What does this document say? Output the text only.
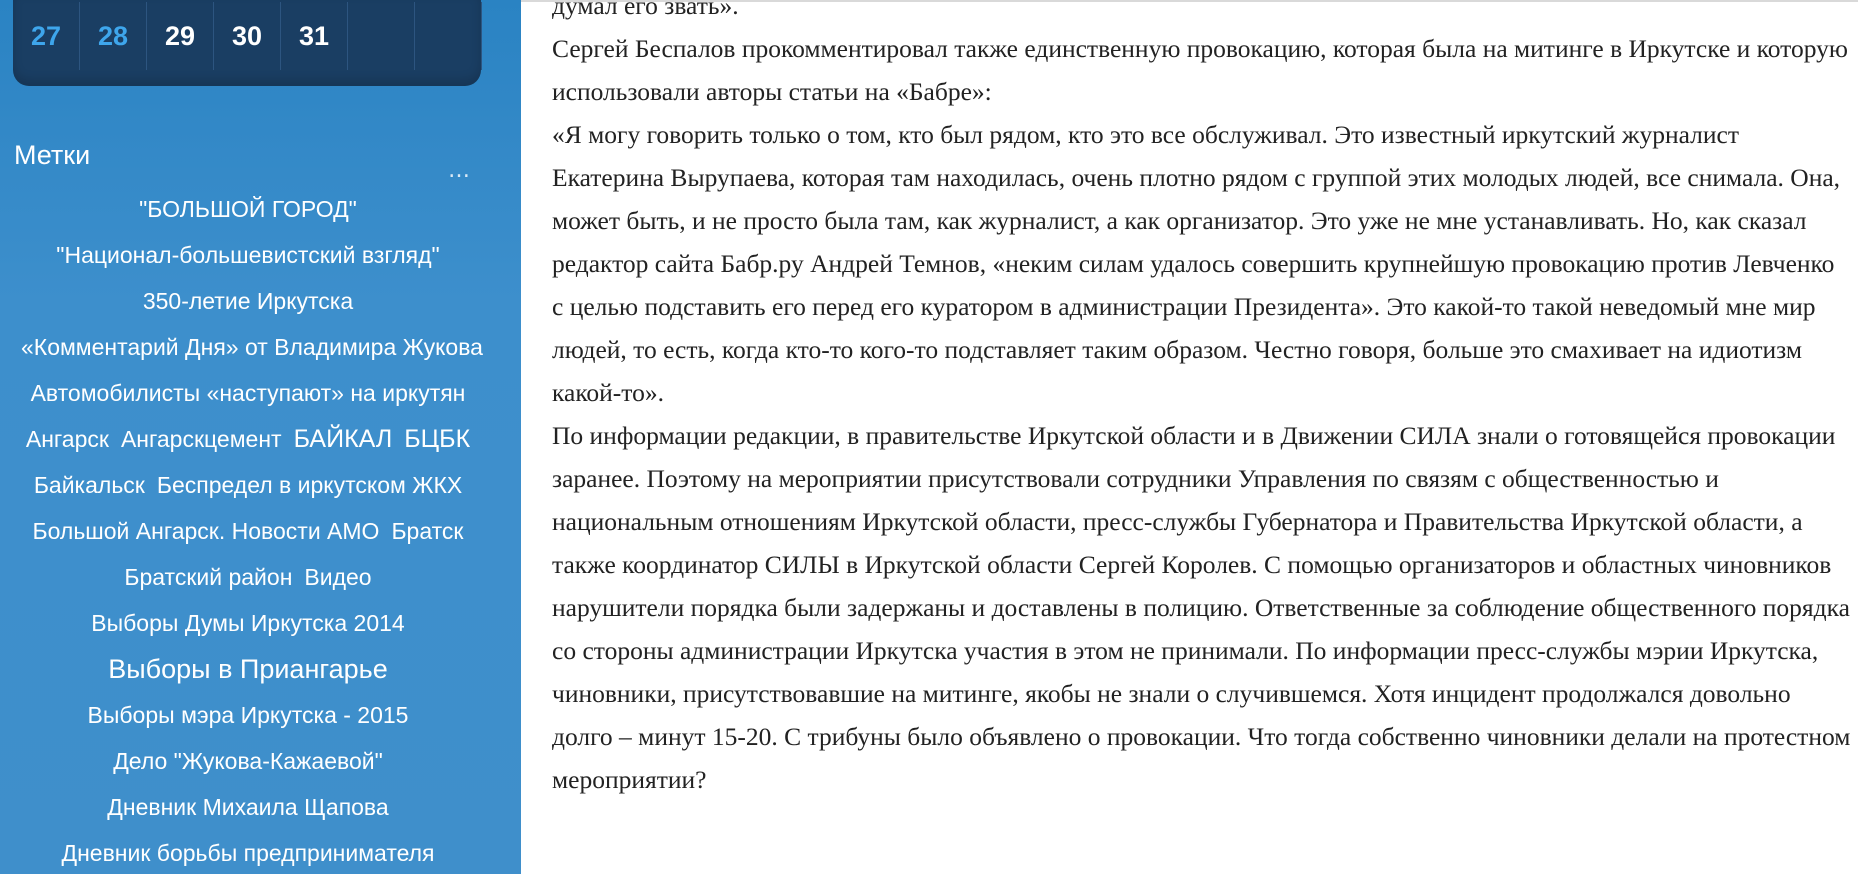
27	28	29	30	31
Метки
…
"БОЛЬШОЙ ГОРОД"
"Национал-большевистский взгляд"
350-летие Иркутска
«Комментарий Дня» от Владимира Жукова
Автомобилисты «наступают» на иркутян
Ангарск Ангарскцемент БАЙКАЛ БЦБК
Байкальск Беспредел в иркутском ЖКХ
Большой Ангарск. Новости АМО Братск
Братский район Видео
Выборы Думы Иркутска 2014
Выборы в Приангарье
Выборы мэра Иркутска - 2015
Дело "Жукова-Кажаевой"
Дневник Михаила Щапова
Дневник борьбы предпринимателя

думал его звать».

Сергей Беспалов прокомментировал также единственную провокацию, которая была на митинге в Иркутске и которую использовали авторы статьи на «Бабре»:

«Я могу говорить только о том, кто был рядом, кто это все обслуживал. Это известный иркутский журналист Екатерина Вырупаева, которая там находилась, очень плотно рядом с группой этих молодых людей, все снимала. Она, может быть, и не просто была там, как журналист, а как организатор. Это уже не мне устанавливать. Но, как сказал редактор сайта Бабр.ру Андрей Темнов, «неким силам удалось совершить крупнейшую провокацию против Левченко с целью подставить его перед его куратором в администрации Президента». Это какой-то такой неведомый мне мир людей, то есть, когда кто-то кого-то подставляет таким образом. Честно говоря, больше это смахивает на идиотизм какой-то».

По информации редакции, в правительстве Иркутской области и в Движении СИЛА знали о готовящейся провокации заранее. Поэтому на мероприятии присутствовали сотрудники Управления по связям с общественностью и национальным отношениям Иркутской области, пресс-службы Губернатора и Правительства Иркутской области, а также координатор СИЛЫ в Иркутской области Сергей Королев. С помощью организаторов и областных чиновников нарушители порядка были задержаны и доставлены в полицию. Ответственные за соблюдение общественного порядка со стороны администрации Иркутска участия в этом не принимали. По информации пресс-службы мэрии Иркутска, чиновники, присутствовавшие на митинге, якобы не знали о случившемся. Хотя инцидент продолжался довольно долго – минут 15-20. С трибуны было объявлено о провокации. Что тогда собственно чиновники делали на протестном мероприятии?
